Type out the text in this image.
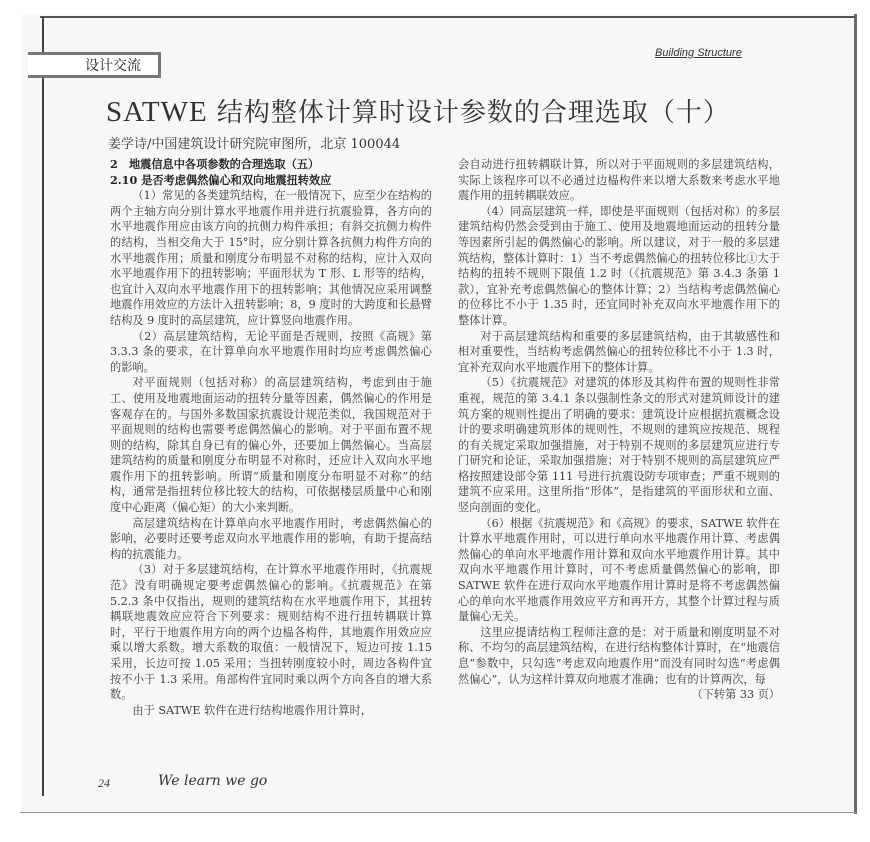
设计交流
Building Structure
SATWE 结构整体计算时设计参数的合理选取（十）
姜学诗/中国建筑设计研究院审图所，北京 100044
2　地震信息中各项参数的合理选取（五）
2.10 是否考虑偶然偏心和双向地震扭转效应

（1）常见的各类建筑结构，在一般情况下，应至少在结构的两个主轴方向分别计算水平地震作用并进行抗震验算，各方向的水平地震作用应由该方向的抗侧力构件承担；有斜交抗侧力构件的结构，当相交角大于 15°时，应分别计算各抗侧力构件方向的水平地震作用；质量和刚度分布明显不对称的结构，应计入双向水平地震作用下的扭转影响；平面形状为 T 形、L 形等的结构，也宜计入双向水平地震作用下的扭转影响；其他情况应采用调整地震作用效应的方法计入扭转影响；8，9 度时的大跨度和长悬臂结构及 9 度时的高层建筑，应计算竖向地震作用。

（2）高层建筑结构，无论平面是否规则，按照《高规》第 3.3.3 条的要求，在计算单向水平地震作用时均应考虑偶然偏心的影响。

对平面规则（包括对称）的高层建筑结构，考虑到由于施工、使用及地震地面运动的扭转分量等因素，偶然偏心的作用是客观存在的。与国外多数国家抗震设计规范类似，我国规范对于平面规则的结构也需要考虑偶然偏心的影响。对于平面布置不规则的结构，除其自身已有的偏心外，还要加上偶然偏心。当高层建筑结构的质量和刚度分布明显不对称时，还应计入双向水平地震作用下的扭转影响。所谓“质量和刚度分布明显不对称”的结构，通常是指扭转位移比较大的结构，可依据楼层质量中心和刚度中心距离（偏心矩）的大小来判断。

高层建筑结构在计算单向水平地震作用时，考虑偶然偏心的影响，必要时还要考虑双向水平地震作用的影响，有助于提高结构的抗震能力。

（3）对于多层建筑结构，在计算水平地震作用时，《抗震规范》没有明确规定要考虑偶然偏心的影响。《抗震规范》在第 5.2.3 条中仅指出，规则的建筑结构在水平地震作用下，其扭转耦联地震效应应符合下列要求：规则结构不进行扭转耦联计算时，平行于地震作用方向的两个边榀各构件，其地震作用效应应乘以增大系数。增大系数的取值：一般情况下，短边可按 1.15 采用，长边可按 1.05 采用；当扭转刚度较小时，周边各构件宜按不小于 1.3 采用。角部构件宜同时乘以两个方向各自的增大系数。

由于 SATWE 软件在进行结构地震作用计算时，

会自动进行扭转耦联计算，所以对于平面规则的多层建筑结构，实际上该程序可以不必通过边榀构件来以增大系数来考虑水平地震作用的扭转耦联效应。

（4）同高层建筑一样，即使是平面规则（包括对称）的多层建筑结构仍然会受到由于施工、使用及地震地面运动的扭转分量等因素所引起的偶然偏心的影响。所以建议，对于一般的多层建筑结构，整体计算时：1）当不考虑偶然偏心的扭转位移比①大于结构的扭转不规则下限值 1.2 时（《抗震规范》第 3.4.3 条第 1 款），宜补充考虑偶然偏心的整体计算；2）当结构考虑偶然偏心的位移比不小于 1.35 时，还宜同时补充双向水平地震作用下的整体计算。

对于高层建筑结构和重要的多层建筑结构，由于其敏感性和相对重要性，当结构考虑偶然偏心的扭转位移比不小于 1.3 时，宜补充双向水平地震作用下的整体计算。

（5）《抗震规范》对建筑的体形及其构件布置的规则性非常重视，规范的第 3.4.1 条以强制性条文的形式对建筑师设计的建筑方案的规则性提出了明确的要求：建筑设计应根据抗震概念设计的要求明确建筑形体的规则性，不规则的建筑应按规范、规程的有关规定采取加强措施，对于特别不规则的多层建筑应进行专门研究和论证，采取加强措施；对于特别不规则的高层建筑应严格按照建设部令第 111 号进行抗震设防专项审查；严重不规则的建筑不应采用。这里所指“形体”，是指建筑的平面形状和立面、竖向剖面的变化。

（6）根据《抗震规范》和《高规》的要求，SATWE 软件在计算水平地震作用时，可以进行单向水平地震作用计算、考虑偶然偏心的单向水平地震作用计算和双向水平地震作用计算。其中双向水平地震作用计算时，可不考虑质量偶然偏心的影响，即 SATWE 软件在进行双向水平地震作用计算时是将不考虑偶然偏心的单向水平地震作用效应平方和再开方，其整个计算过程与质量偏心无关。

这里应提请结构工程师注意的是：对于质量和刚度明显不对称、不均匀的高层建筑结构，在进行结构整体计算时，在“地震信息”参数中，只勾选“考虑双向地震作用”而没有同时勾选“考虑偶然偏心”，认为这样计算双向地震才准确；也有的计算两次，每

（下转第 33 页）
24	We learn we go
